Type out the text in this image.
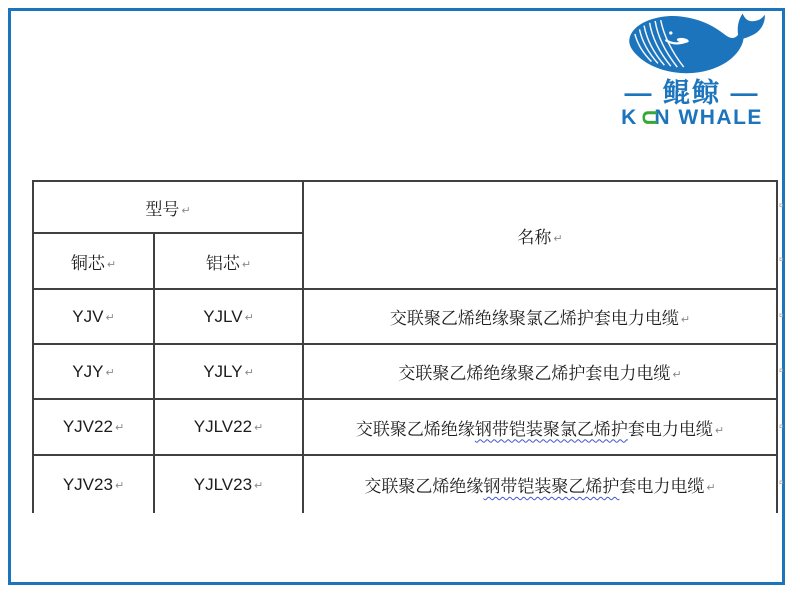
— 鲲鲸 —
KUN WHALE
型号 ↵		名称 ↵
铜芯 ↵	铝芯 ↵	
YJV ↵	YJLV ↵	交联聚乙烯绝缘聚氯乙烯护套电力电缆 ↵
YJY ↵	YJLY ↵	交联聚乙烯绝缘聚乙烯护套电力电缆 ↵
YJV22 ↵	YJLV22 ↵	交联聚乙烯绝缘钢带铠装聚氯乙烯护套电力电缆 ↵
YJV23 ↵	YJLV23 ↵	交联聚乙烯绝缘钢带铠装聚乙烯护套电力电缆 ↵
¤
¤
¤
¤
¤
¤
